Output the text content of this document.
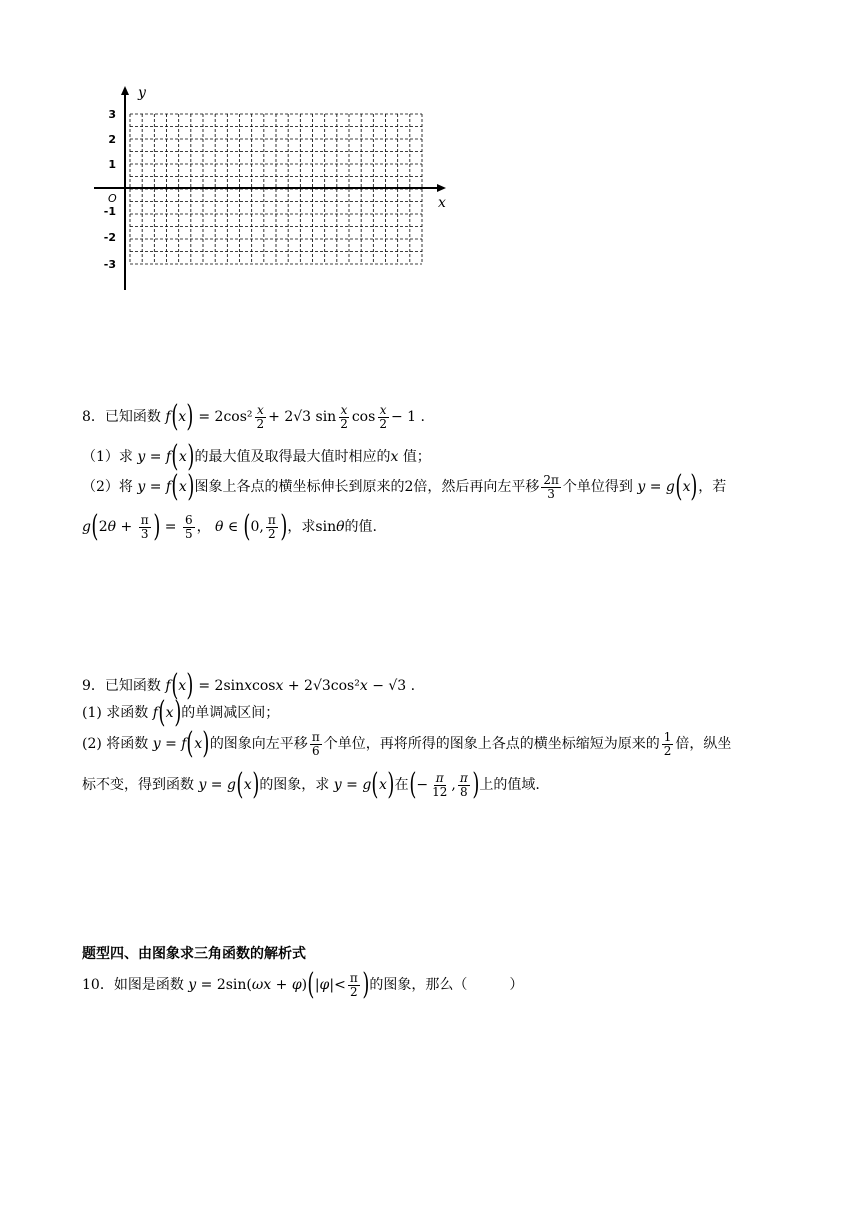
y
x
O
3
2
1
-1
-2
-3
8． 已知函数 f ( x ) = $2\cos^2 \frac{x}{2} + 2√3$ $\sin \frac{x}{2}$ $\cos \frac{x}{2} - 1$ .
（1）求 y = f ( x ) 的最大值及取得最大值时相应的 x 值；
（2）将 y = f ( x ) 图象上各点的横坐标伸长到原来的2倍，然后再向左平移 $\frac{2\pi}{3}$ 个单位得到 y = g ( x ) ，若
g ( 2 $\theta + \frac{\pi}{3}$ ) = $\frac{6}{5}$ ， θ ∈ ( 0, $\frac{\pi}{2}$ ) ，求sin θ 的值.
9． 已知函数 f ( x ) = 2sinxcosx + 2√3cos²x − √3 .
(1) 求函数 f ( x ) 的单调减区间；
(2) 将函数 y = f ( x ) 的图象向左平移 $\frac{\pi}{6}$ 个单位，再将所得的图象上各点的横坐标缩短为原来的 $\frac{1}{2}$ 倍，纵坐
标不变，得到函数 y = g ( x ) 的图象，求 y = g ( x ) 在 ( − $\frac{\pi}{12}$ , $\frac{\pi}{8}$ ) 上的值域.
题型四、由图象求三角函数的解析式
10． 如图是函数 y = 2sin( ωx + φ ) ( | φ |< $\frac{\pi}{2}$ ) 的图象，那么（　　　）
